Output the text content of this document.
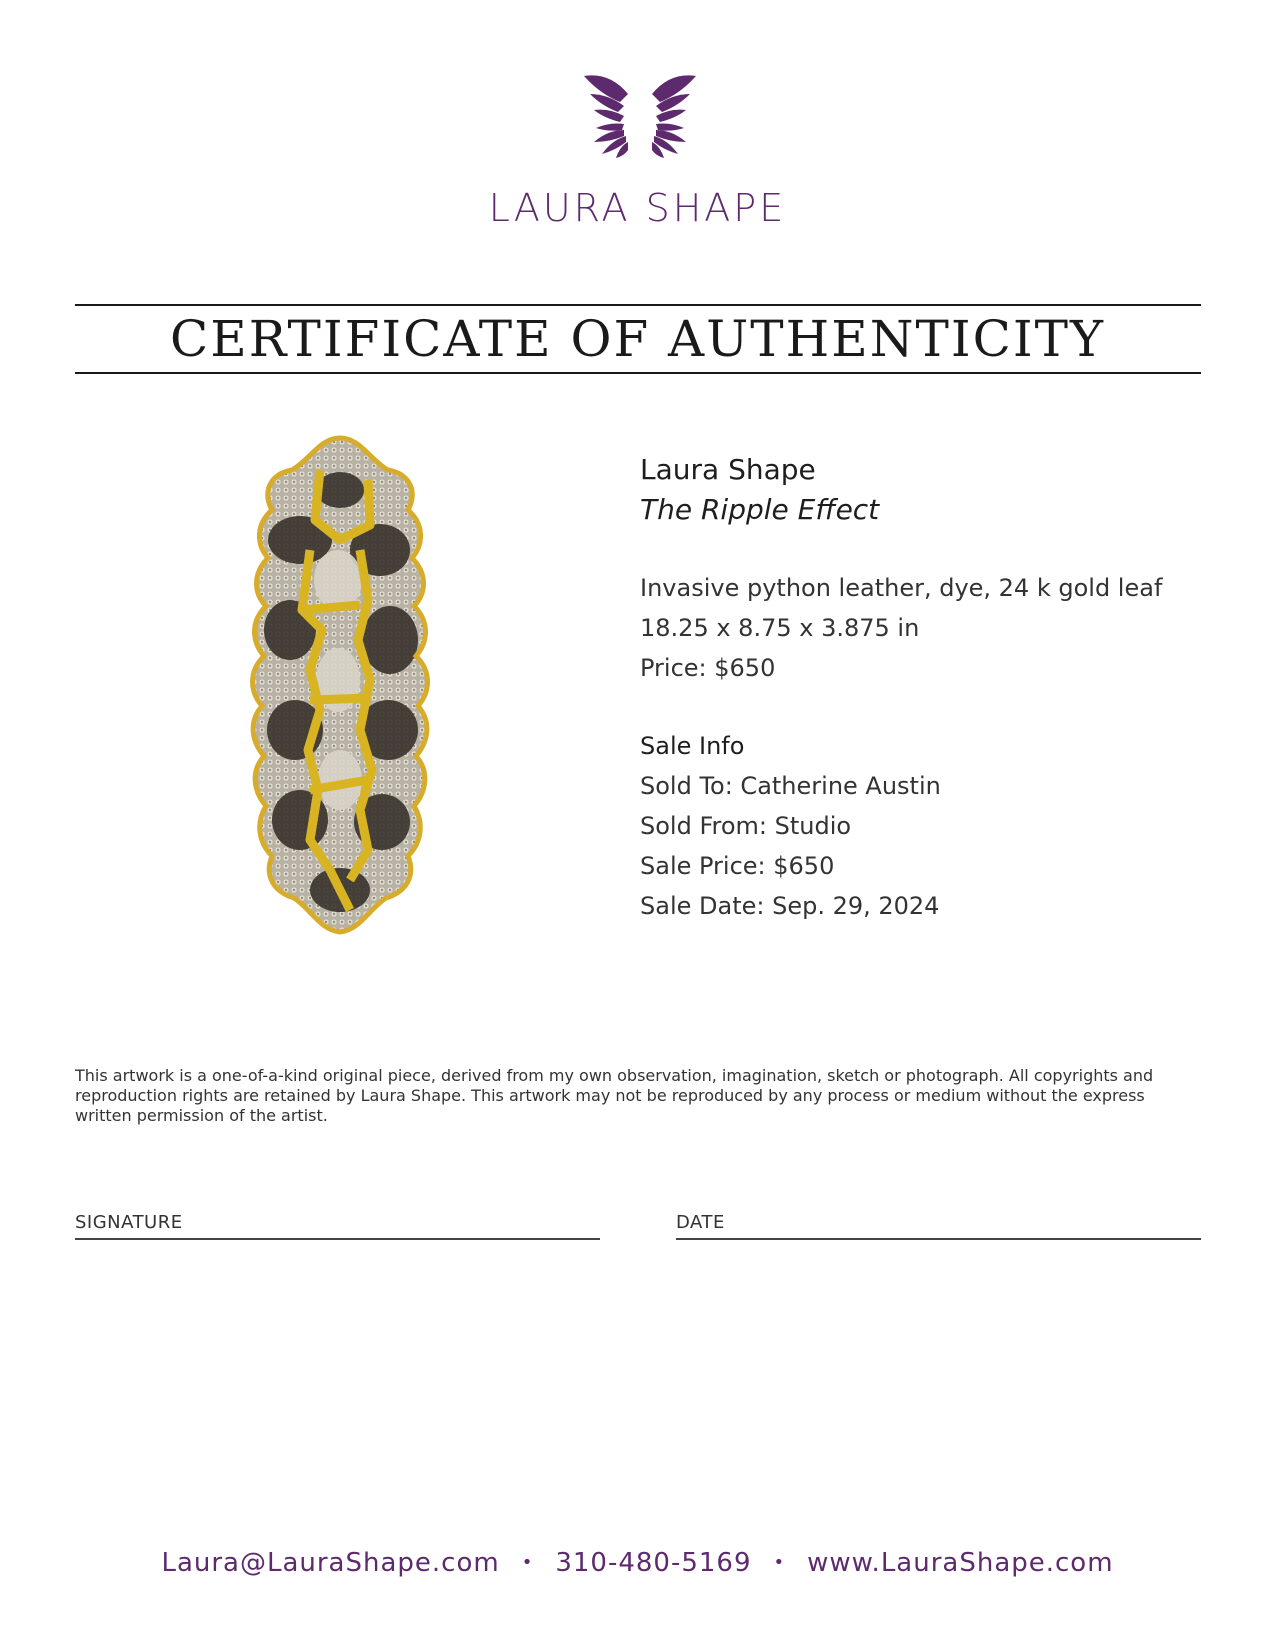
LAURA SHAPE
CERTIFICATE OF AUTHENTICITY
Laura Shape
The Ripple Effect
Invasive python leather, dye, 24 k gold leaf
18.25 x 8.75 x 3.875 in
Price: $650
Sale Info
Sold To: Catherine Austin
Sold From: Studio
Sale Price: $650
Sale Date: Sep. 29, 2024
This artwork is a one-of-a-kind original piece, derived from my own observation, imagination, sketch or photograph. All copyrights and reproduction rights are retained by Laura Shape. This artwork may not be reproduced by any process or medium without the express written permission of the artist.
SIGNATURE	DATE
Laura@LauraShape.com • 310-480-5169 • www.LauraShape.com
